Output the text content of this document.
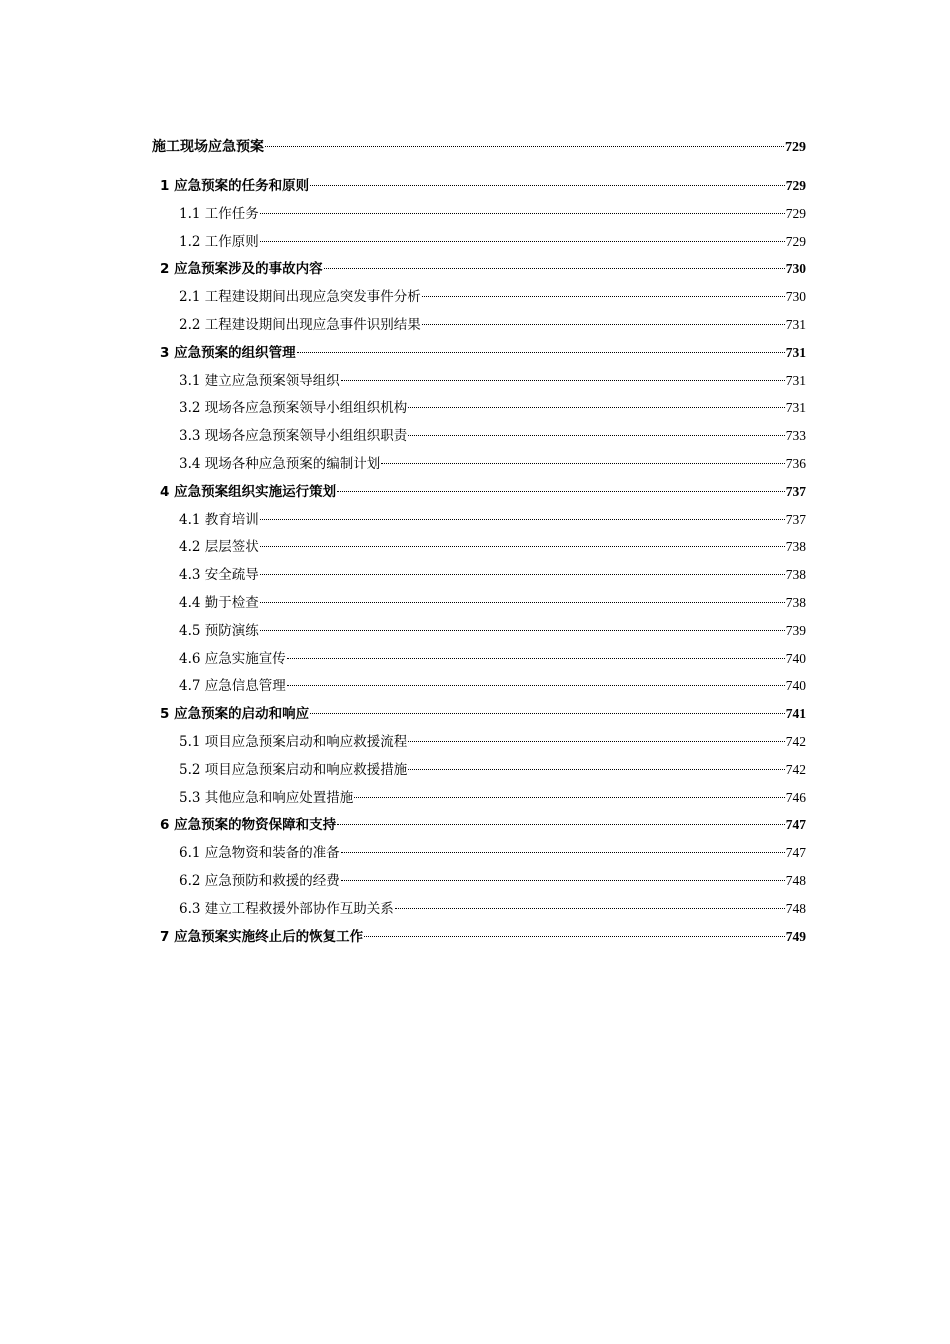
施工现场应急预案	729
1 应急预案的任务和原则	729
1.1 工作任务	729
1.2 工作原则	729
2 应急预案涉及的事故内容	730
2.1 工程建设期间出现应急突发事件分析	730
2.2 工程建设期间出现应急事件识别结果	731
3 应急预案的组织管理	731
3.1 建立应急预案领导组织	731
3.2 现场各应急预案领导小组组织机构	731
3.3 现场各应急预案领导小组组织职责	733
3.4 现场各种应急预案的编制计划	736
4 应急预案组织实施运行策划	737
4.1 教育培训	737
4.2 层层签状	738
4.3 安全疏导	738
4.4 勤于检查	738
4.5 预防演练	739
4.6 应急实施宣传	740
4.7 应急信息管理	740
5 应急预案的启动和响应	741
5.1 项目应急预案启动和响应救援流程	742
5.2 项目应急预案启动和响应救援措施	742
5.3 其他应急和响应处置措施	746
6 应急预案的物资保障和支持	747
6.1 应急物资和装备的准备	747
6.2 应急预防和救援的经费	748
6.3 建立工程救援外部协作互助关系	748
7 应急预案实施终止后的恢复工作	749
